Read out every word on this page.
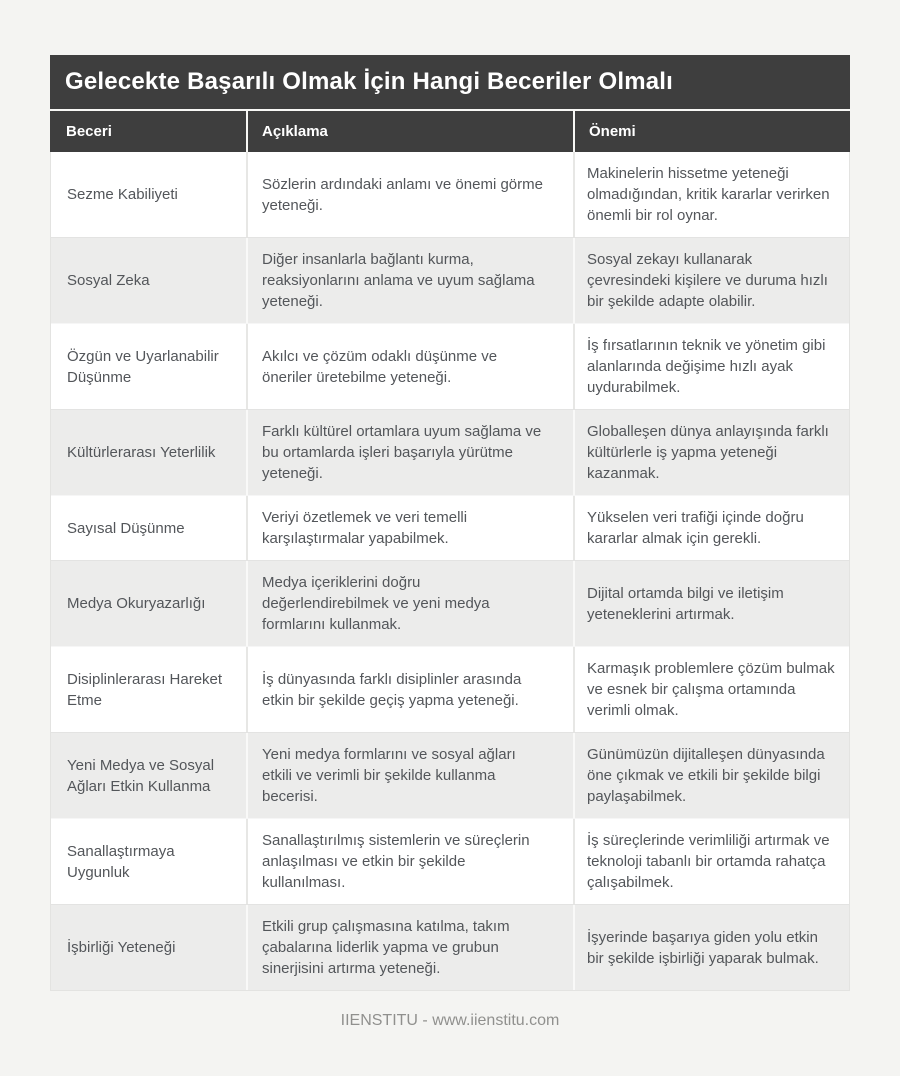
Gelecekte Başarılı Olmak İçin Hangi Beceriler Olmalı
Beceri	Açıklama	Önemi
Sezme Kabiliyeti
Sözlerin ardındaki anlamı ve önemi görme yeteneği.
Makinelerin hissetme yeteneği olmadığından, kritik kararlar verirken önemli bir rol oynar.
Sosyal Zeka
Diğer insanlarla bağlantı kurma, reaksiyonlarını anlama ve uyum sağlama yeteneği.
Sosyal zekayı kullanarak çevresindeki kişilere ve duruma hızlı bir şekilde adapte olabilir.
Özgün ve Uyarlanabilir Düşünme
Akılcı ve çözüm odaklı düşünme ve öneriler üretebilme yeteneği.
İş fırsatlarının teknik ve yönetim gibi alanlarında değişime hızlı ayak uydurabilmek.
Kültürlerarası Yeterlilik
Farklı kültürel ortamlara uyum sağlama ve bu ortamlarda işleri başarıyla yürütme yeteneği.
Globalleşen dünya anlayışında farklı kültürlerle iş yapma yeteneği kazanmak.
Sayısal Düşünme
Veriyi özetlemek ve veri temelli karşılaştırmalar yapabilmek.
Yükselen veri trafiği içinde doğru kararlar almak için gerekli.
Medya Okuryazarlığı
Medya içeriklerini doğru değerlendirebilmek ve yeni medya formlarını kullanmak.
Dijital ortamda bilgi ve iletişim yeteneklerini artırmak.
Disiplinlerarası Hareket Etme
İş dünyasında farklı disiplinler arasında etkin bir şekilde geçiş yapma yeteneği.
Karmaşık problemlere çözüm bulmak ve esnek bir çalışma ortamında verimli olmak.
Yeni Medya ve Sosyal Ağları Etkin Kullanma
Yeni medya formlarını ve sosyal ağları etkili ve verimli bir şekilde kullanma becerisi.
Günümüzün dijitalleşen dünyasında öne çıkmak ve etkili bir şekilde bilgi paylaşabilmek.
Sanallaştırmaya Uygunluk
Sanallaştırılmış sistemlerin ve süreçlerin anlaşılması ve etkin bir şekilde kullanılması.
İş süreçlerinde verimliliği artırmak ve teknoloji tabanlı bir ortamda rahatça çalışabilmek.
İşbirliği Yeteneği
Etkili grup çalışmasına katılma, takım çabalarına liderlik yapma ve grubun sinerjisini artırma yeteneği.
İşyerinde başarıya giden yolu etkin bir şekilde işbirliği yaparak bulmak.
IIENSTITU - www.iienstitu.com
